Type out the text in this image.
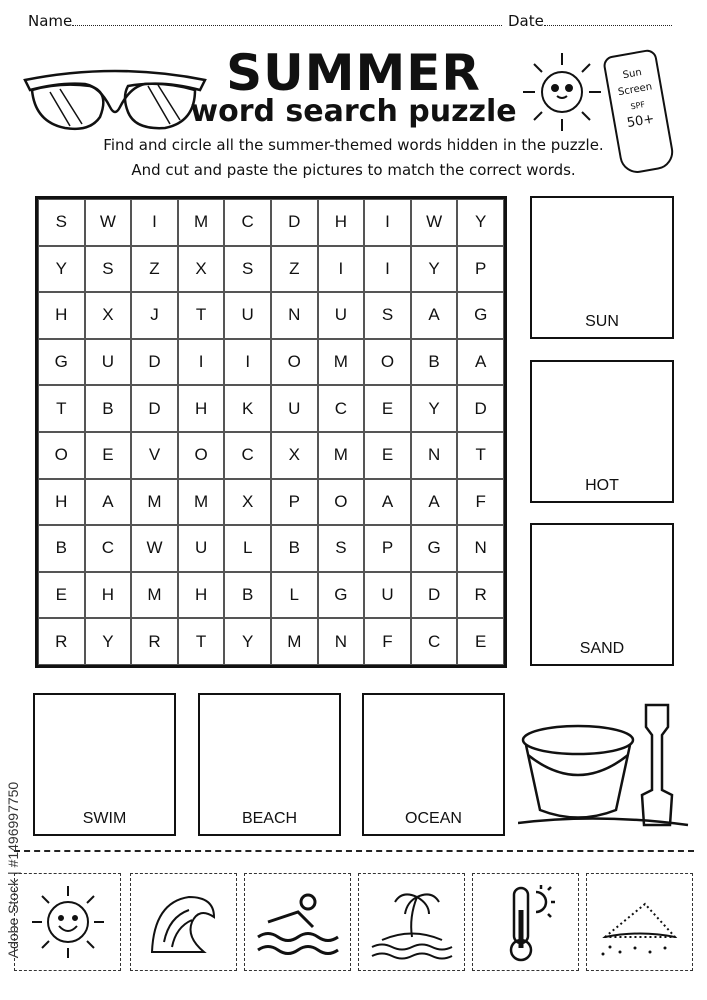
Name	Date
SUMMER
word search puzzle
Sun
Screen
SPF
50+
Find and circle all the summer-themed words hidden in the puzzle.
And cut and paste the pictures to match the correct words.
S	W	I	M	C	D	H	I	W	Y
Y	S	Z	X	S	Z	I	I	Y	P
H	X	J	T	U	N	U	S	A	G
G	U	D	I	I	O	M	O	B	A
T	B	D	H	K	U	C	E	Y	D
O	E	V	O	C	X	M	E	N	T
H	A	M	M	X	P	O	A	A	F
B	C	W	U	L	B	S	P	G	N
E	H	M	H	B	L	G	U	D	R
R	Y	R	T	Y	M	N	F	C	E
SUN
HOT
SAND
SWIM	BEACH	OCEAN
Adobe Stock | #1496997750
